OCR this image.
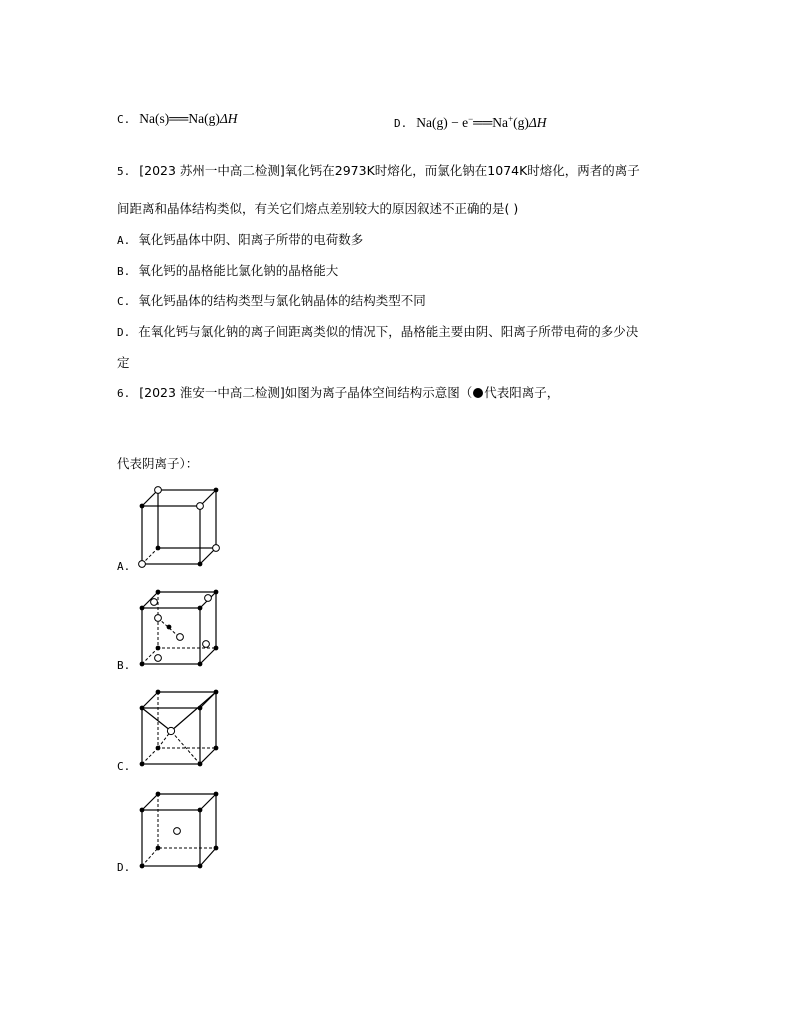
C. Na(s)══Na(g)ΔH	D. Na(g) − e−══Na+(g)ΔH
5. [2023 苏州一中高二检测]氧化钙在2973K时熔化，而氯化钠在1074K时熔化，两者的离子
间距离和晶体结构类似，有关它们熔点差别较大的原因叙述不正确的是( )
A. 氧化钙晶体中阴、阳离子所带的电荷数多
B. 氧化钙的晶格能比氯化钠的晶格能大
C. 氧化钙晶体的结构类型与氯化钠晶体的结构类型不同
D. 在氧化钙与氯化钠的离子间距离类似的情况下，晶格能主要由阴、阳离子所带电荷的多少决
定
6. [2023 淮安一中高二检测]如图为离子晶体空间结构示意图（ 代表阳离子，
代表阴离子）：
A.
B.
C.
D.
